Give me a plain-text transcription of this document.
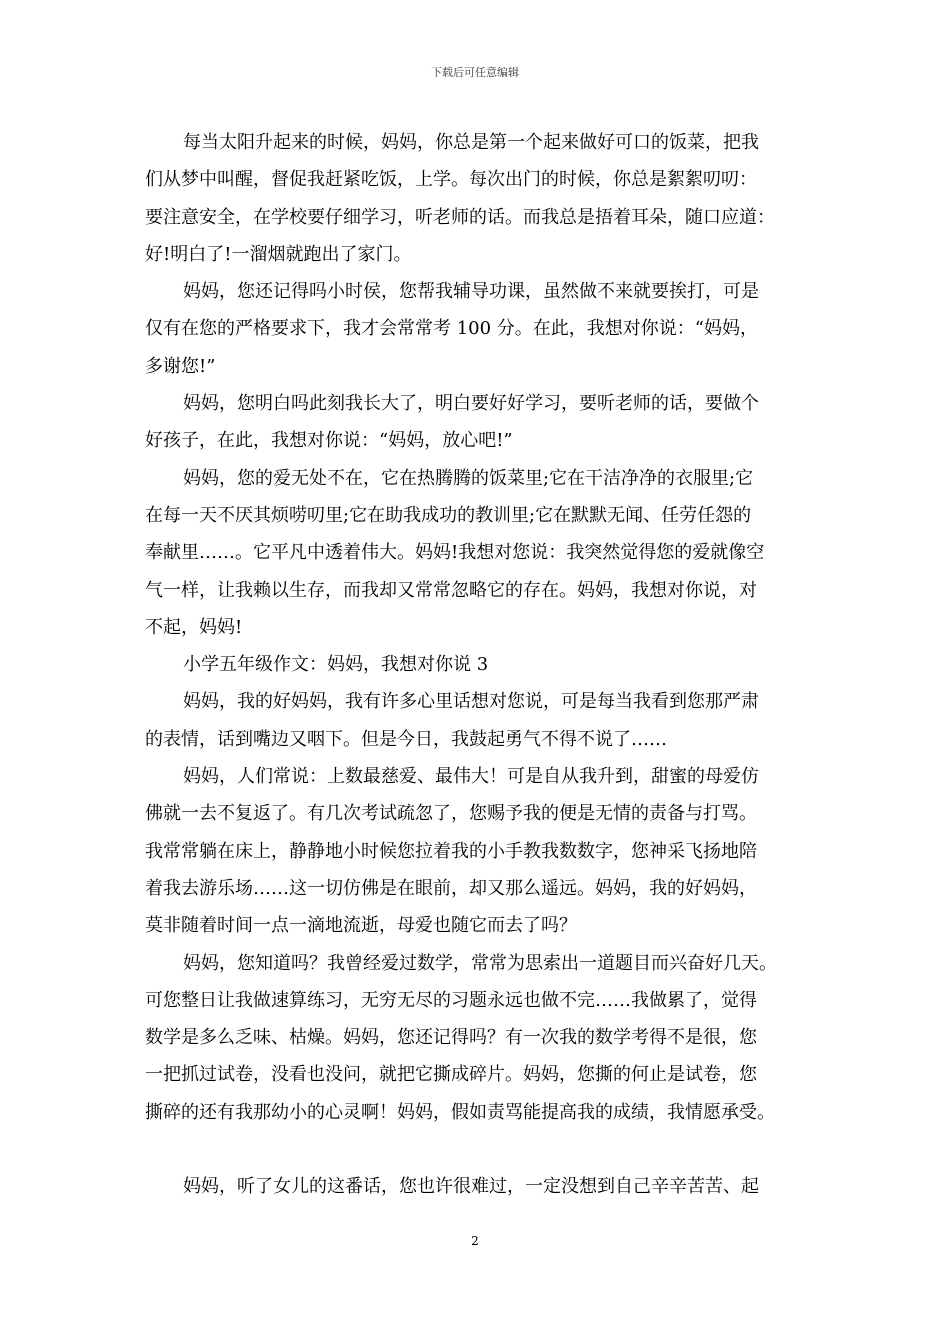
下载后可任意编辑
每当太阳升起来的时候，妈妈，你总是第一个起来做好可口的饭菜，把我
们从梦中叫醒，督促我赶紧吃饭，上学。每次出门的时候，你总是絮絮叨叨：
要注意安全，在学校要仔细学习，听老师的话。而我总是捂着耳朵，随口应道：
好!明白了!一溜烟就跑出了家门。
妈妈，您还记得吗小时侯，您帮我辅导功课，虽然做不来就要挨打，可是
仅有在您的严格要求下，我才会常常考 100 分。在此，我想对你说：“妈妈，
多谢您!”
妈妈，您明白吗此刻我长大了，明白要好好学习，要听老师的话，要做个
好孩子，在此，我想对你说：“妈妈，放心吧!”
妈妈，您的爱无处不在，它在热腾腾的饭菜里;它在干洁净净的衣服里;它
在每一天不厌其烦唠叨里;它在助我成功的教训里;它在默默无闻、任劳任怨的
奉献里……。它平凡中透着伟大。妈妈!我想对您说：我突然觉得您的爱就像空
气一样，让我赖以生存，而我却又常常忽略它的存在。妈妈，我想对你说，对
不起，妈妈!
小学五年级作文：妈妈，我想对你说 3
妈妈，我的好妈妈，我有许多心里话想对您说，可是每当我看到您那严肃
的表情，话到嘴边又咽下。但是今日，我鼓起勇气不得不说了……
妈妈，人们常说：上数最慈爱、最伟大！可是自从我升到，甜蜜的母爱仿
佛就一去不复返了。有几次考试疏忽了，您赐予我的便是无情的责备与打骂。
我常常躺在床上，静静地小时候您拉着我的小手教我数数字，您神采飞扬地陪
着我去游乐场……这一切仿佛是在眼前，却又那么遥远。妈妈，我的好妈妈，
莫非随着时间一点一滴地流逝，母爱也随它而去了吗？
妈妈，您知道吗？我曾经爱过数学，常常为思索出一道题目而兴奋好几天。
可您整日让我做速算练习，无穷无尽的习题永远也做不完……我做累了，觉得
数学是多么乏味、枯燥。妈妈，您还记得吗？有一次我的数学考得不是很，您
一把抓过试卷，没看也没问，就把它撕成碎片。妈妈，您撕的何止是试卷，您
撕碎的还有我那幼小的心灵啊！妈妈，假如责骂能提高我的成绩，我情愿承受。
妈妈，听了女儿的这番话，您也许很难过，一定没想到自己辛辛苦苦、起
2
